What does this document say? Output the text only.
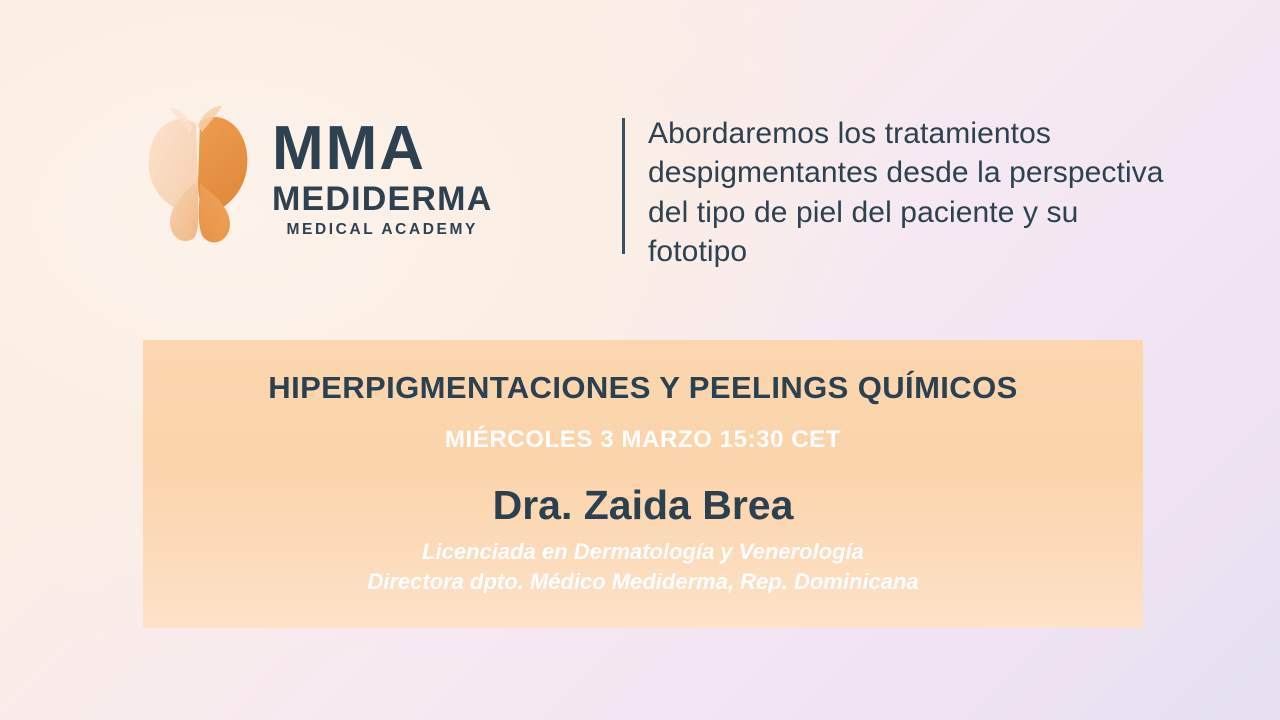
MMA
MEDIDERMA
MEDICAL ACADEMY
Abordaremos los tratamientos despigmentantes desde la perspectiva del tipo de piel del paciente y su fototipo
HIPERPIGMENTACIONES Y PEELINGS QUÍMICOS
MIÉRCOLES 3 MARZO 15:30 CET
Dra. Zaida Brea
Licenciada en Dermatología y Venerología
Directora dpto. Médico Mediderma, Rep. Dominicana
